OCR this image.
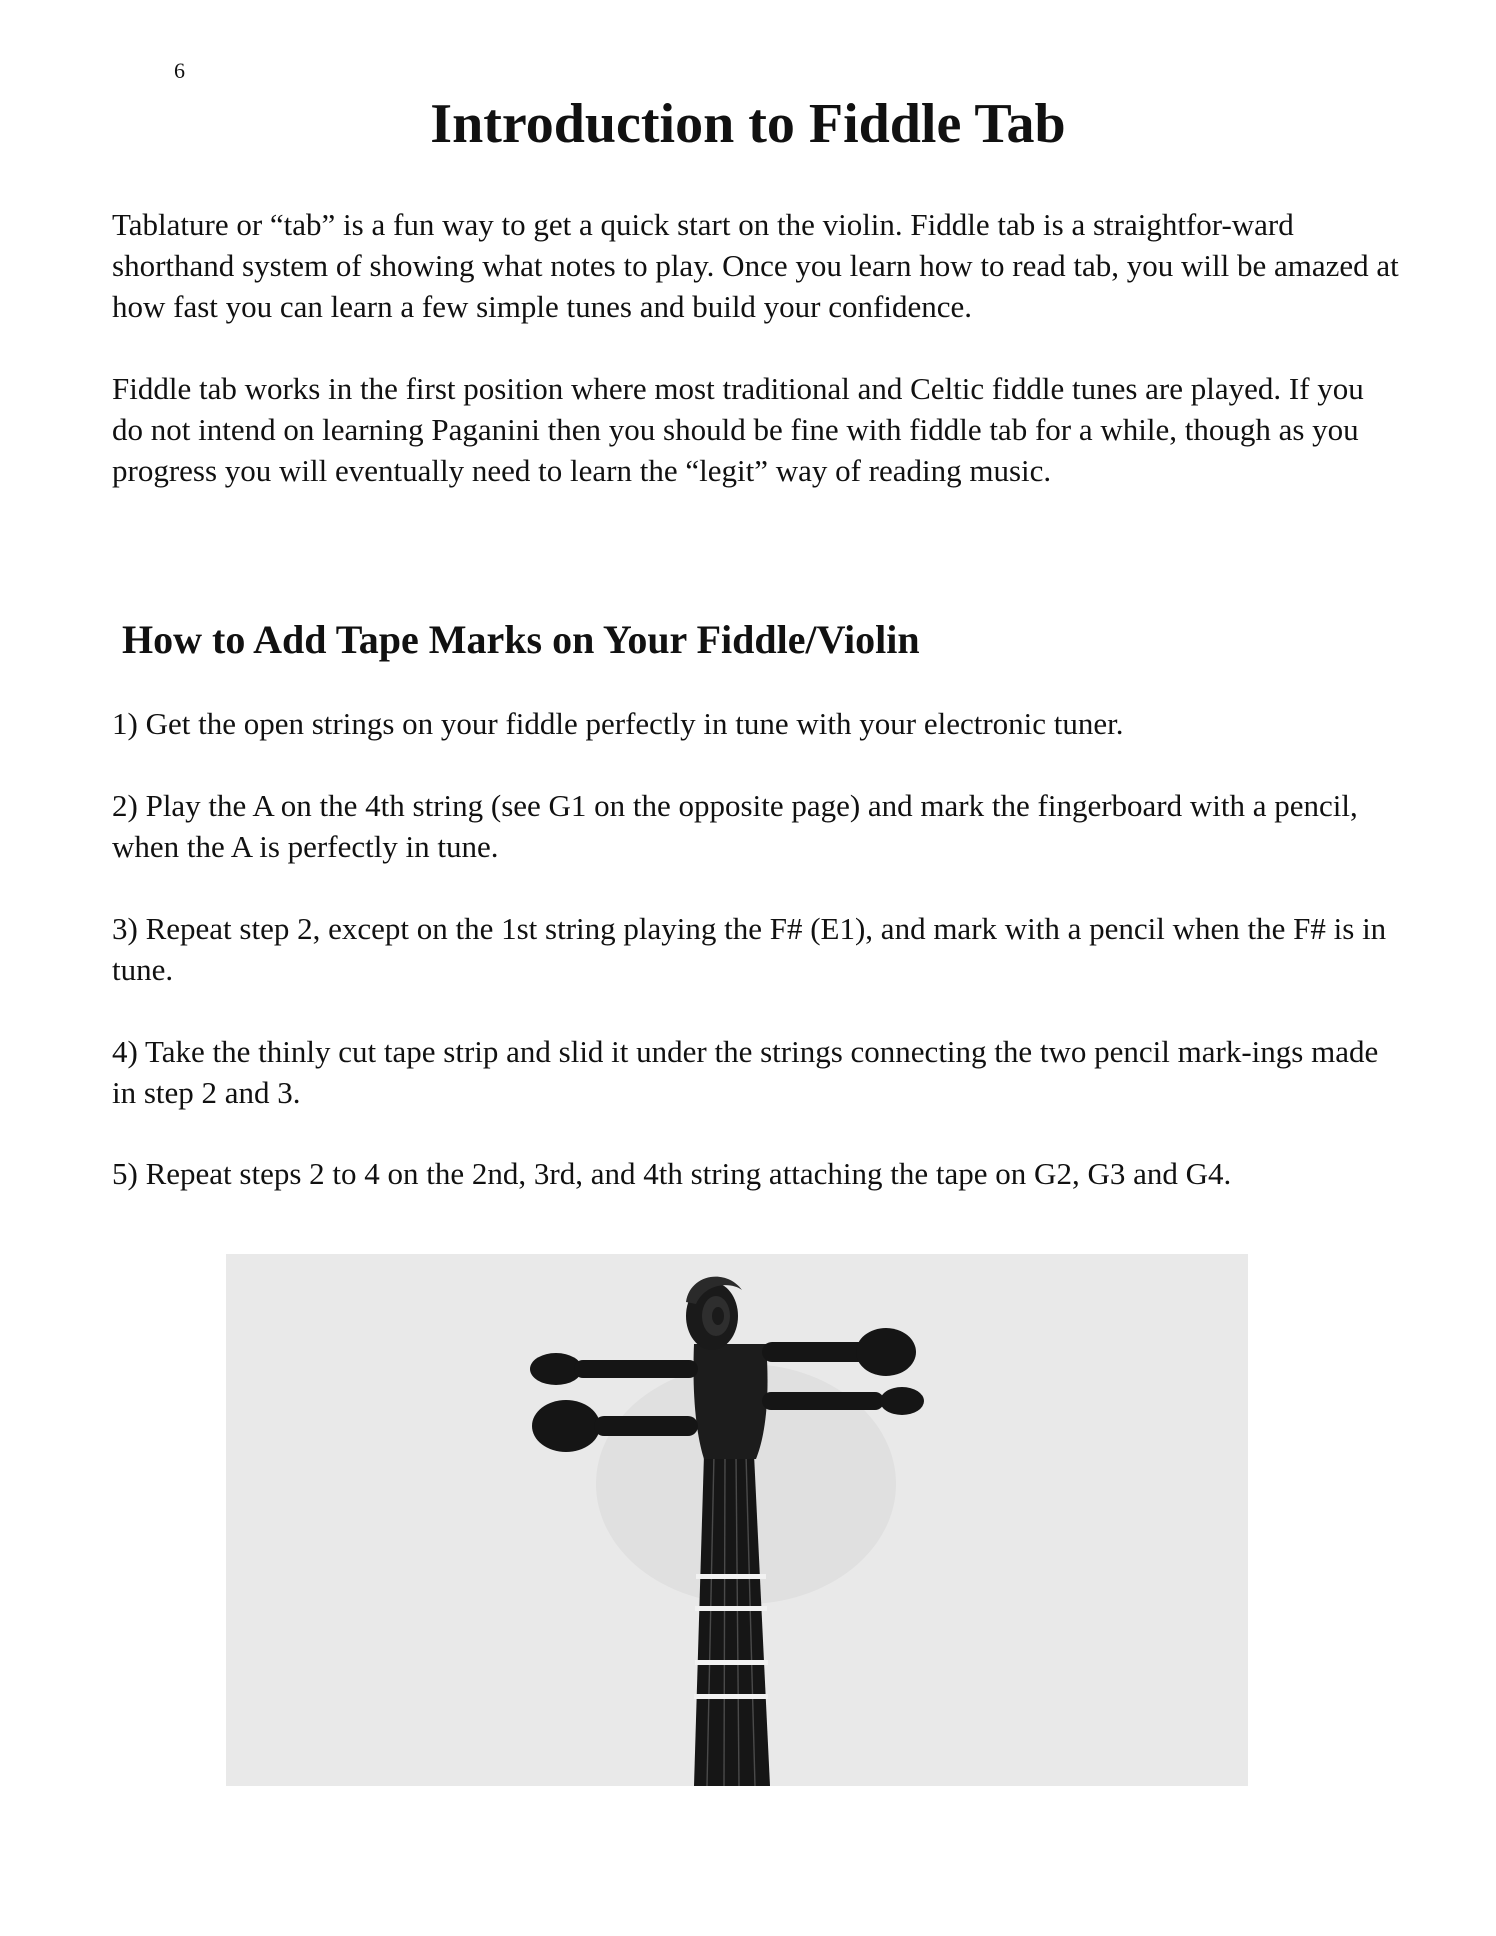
6
Introduction to Fiddle Tab

Tablature or “tab” is a fun way to get a quick start on the violin. Fiddle tab is a straightfor-ward shorthand system of showing what notes to play. Once you learn how to read tab, you will be amazed at how fast you can learn a few simple tunes and build your confidence.

Fiddle tab works in the first position where most traditional and Celtic fiddle tunes are played. If you do not intend on learning Paganini then you should be fine with fiddle tab for a while, though as you progress you will eventually need to learn the “legit” way of reading music.

How to Add Tape Marks on Your Fiddle/Violin

1) Get the open strings on your fiddle perfectly in tune with your electronic tuner.

2) Play the A on the 4th string (see G1 on the opposite page) and mark the fingerboard with a pencil, when the A is perfectly in tune.

3) Repeat step 2, except on the 1st string playing the F# (E1), and mark with a pencil when the F# is in tune.

4) Take the thinly cut tape strip and slid it under the strings connecting the two pencil mark-ings made in step 2 and 3.

5) Repeat steps 2 to 4 on the 2nd, 3rd, and 4th string attaching the tape on G2, G3 and G4.
